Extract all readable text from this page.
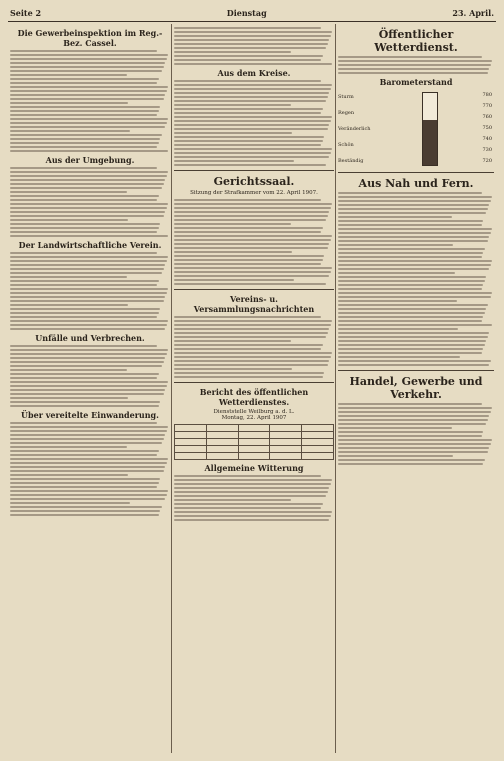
Seite 2	Dienstag	23. April.
Die Gewerbeinspektion im Reg.-Bez. Cassel.
Aus der Umgebung.
Der Landwirtschaftliche Verein.
Unfälle und Verbrechen.
Über vereitelte Einwanderung.
Aus dem Kreise.
Gerichtssaal.
Sitzung der Strafkammer vom 22. April 1907.
Vereins- u. Versammlungsnachrichten
Bericht des öffentlichen Wetterdienstes.
Dienststelle Weilburg a. d. L.
Montag, 22. April 1907

Allgemeine Witterung
Öffentlicher Wetterdienst.
Barometerstand
Sturm
Regen
Veränderlich
Schön
Beständig
780
770
760
750
740
730
720
Aus Nah und Fern.
Handel, Gewerbe und Verkehr.
